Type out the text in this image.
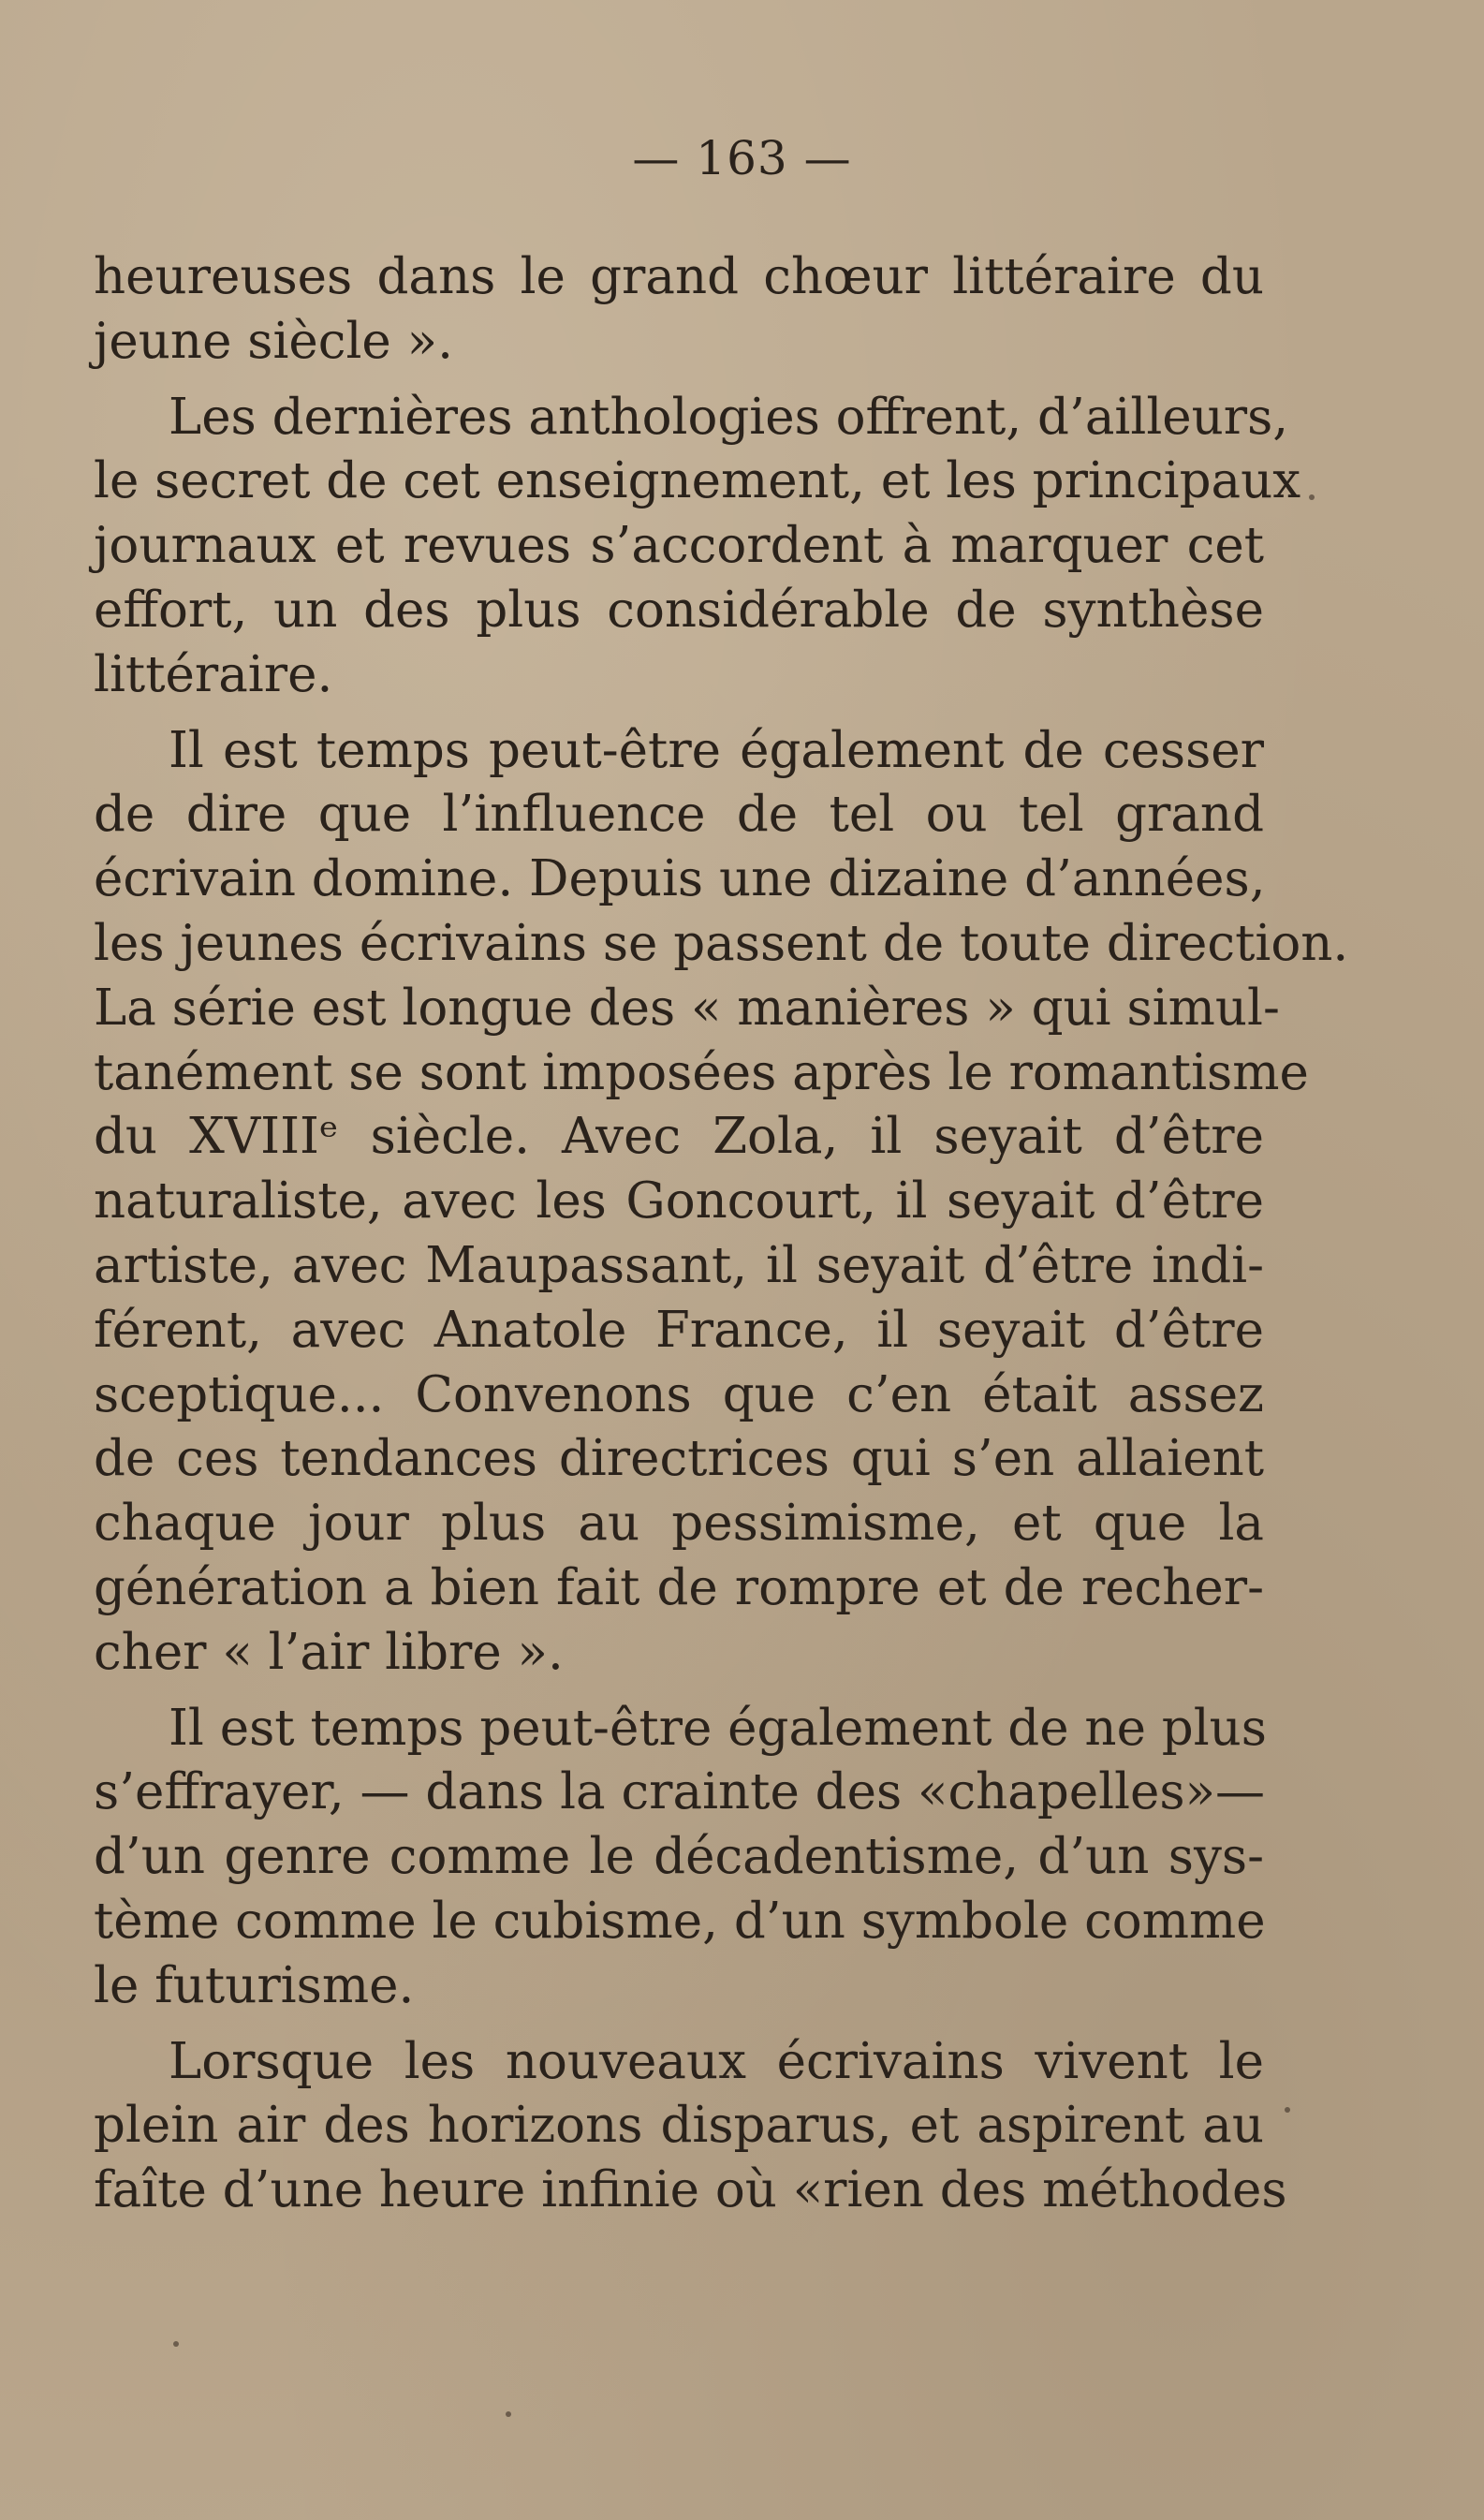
— 163 —
heureuses dans le grand chœur littéraire du
jeune siècle ».
Les dernières anthologies offrent, d’ailleurs,
le secret de cet enseignement, et les principaux
journaux et revues s’accordent à marquer cet
effort, un des plus considérable de synthèse
littéraire.
Il est temps peut-être également de cesser
de dire que l’influence de tel ou tel grand
écrivain domine. Depuis une dizaine d’années,
les jeunes écrivains se passent de toute direction.
La série est longue des « manières » qui simul-
tanément se sont imposées après le romantisme
du XVIIIᵉ siècle. Avec Zola, il seyait d’être
naturaliste, avec les Goncourt, il seyait d’être
artiste, avec Maupassant, il seyait d’être indi-
férent, avec Anatole France, il seyait d’être
sceptique... Convenons que c’en était assez
de ces tendances directrices qui s’en allaient
chaque jour plus au pessimisme, et que la
génération a bien fait de rompre et de recher-
cher « l’air libre ».
Il est temps peut-être également de ne plus
s’effrayer, — dans la crainte des «chapelles»—
d’un genre comme le décadentisme, d’un sys-
tème comme le cubisme, d’un symbole comme
le futurisme.
Lorsque les nouveaux écrivains vivent le
plein air des horizons disparus, et aspirent au
faîte d’une heure infinie où «rien des méthodes
